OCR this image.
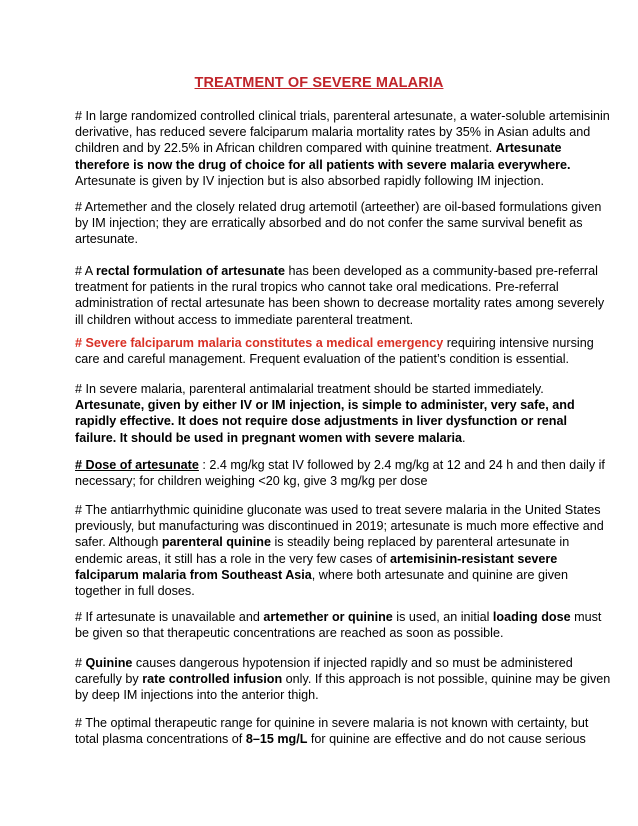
TREATMENT OF SEVERE MALARIA

# In large randomized controlled clinical trials, parenteral artesunate, a water-soluble artemisinin
derivative, has reduced severe falciparum malaria mortality rates by 35% in Asian adults and
children and by 22.5% in African children compared with quinine treatment. Artesunate
therefore is now the drug of choice for all patients with severe malaria everywhere.
Artesunate is given by IV injection but is also absorbed rapidly following IM injection.

# Artemether and the closely related drug artemotil (arteether) are oil-based formulations given
by IM injection; they are erratically absorbed and do not confer the same survival benefit as
artesunate.

# A rectal formulation of artesunate has been developed as a community-based pre-referral
treatment for patients in the rural tropics who cannot take oral medications. Pre-referral
administration of rectal artesunate has been shown to decrease mortality rates among severely
ill children without access to immediate parenteral treatment.

# Severe falciparum malaria constitutes a medical emergency requiring intensive nursing
care and careful management. Frequent evaluation of the patient’s condition is essential.

# In severe malaria, parenteral antimalarial treatment should be started immediately.
Artesunate, given by either IV or IM injection, is simple to administer, very safe, and
rapidly effective. It does not require dose adjustments in liver dysfunction or renal
failure. It should be used in pregnant women with severe malaria.

# Dose of artesunate : 2.4 mg/kg stat IV followed by 2.4 mg/kg at 12 and 24 h and then daily if
necessary; for children weighing <20 kg, give 3 mg/kg per dose

# The antiarrhythmic quinidine gluconate was used to treat severe malaria in the United States
previously, but manufacturing was discontinued in 2019; artesunate is much more effective and
safer. Although parenteral quinine is steadily being replaced by parenteral artesunate in
endemic areas, it still has a role in the very few cases of artemisinin-resistant severe
falciparum malaria from Southeast Asia, where both artesunate and quinine are given
together in full doses.

# If artesunate is unavailable and artemether or quinine is used, an initial loading dose must
be given so that therapeutic concentrations are reached as soon as possible.

# Quinine causes dangerous hypotension if injected rapidly and so must be administered
carefully by rate controlled infusion only. If this approach is not possible, quinine may be given
by deep IM injections into the anterior thigh.

# The optimal therapeutic range for quinine in severe malaria is not known with certainty, but
total plasma concentrations of 8–15 mg/L for quinine are effective and do not cause serious
